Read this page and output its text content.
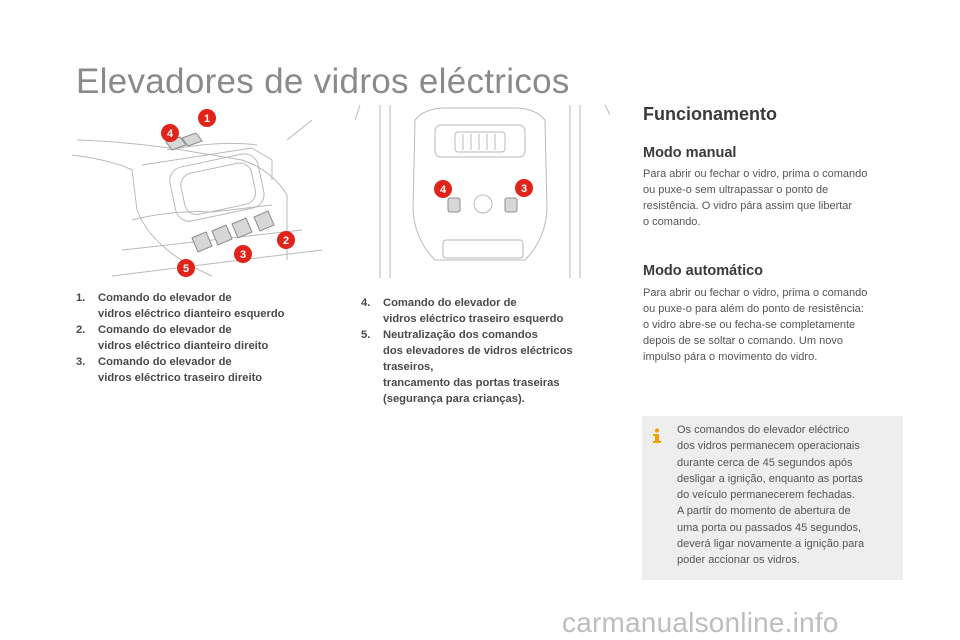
Elevadores de vidros eléctricos
1
4
2
3
5
4	3
1.	Comando do elevador de
vidros eléctrico dianteiro esquerdo
2.	Comando do elevador de
vidros eléctrico dianteiro direito
3.	Comando do elevador de
vidros eléctrico traseiro direito
4.	Comando do elevador de
vidros eléctrico traseiro esquerdo
5.	Neutralização dos comandos
dos elevadores de vidros eléctricos
traseiros,
trancamento das portas traseiras
(segurança para crianças).
Funcionamento
Modo manual
Para abrir ou fechar o vidro, prima o comando
ou puxe-o sem ultrapassar o ponto de
resistência. O vidro pára assim que libertar
o comando.
Modo automático
Para abrir ou fechar o vidro, prima o comando
ou puxe-o para além do ponto de resistência:
o vidro abre-se ou fecha-se completamente
depois de se soltar o comando. Um novo
impulso pára o movimento do vidro.
Os comandos do elevador eléctrico
dos vidros permanecem operacionais
durante cerca de 45 segundos após
desligar a ignição, enquanto as portas
do veículo permanecerem fechadas.
A partir do momento de abertura de
uma porta ou passados 45 segundos,
deverá ligar novamente a ignição para
poder accionar os vidros.
carmanualsonline.info
